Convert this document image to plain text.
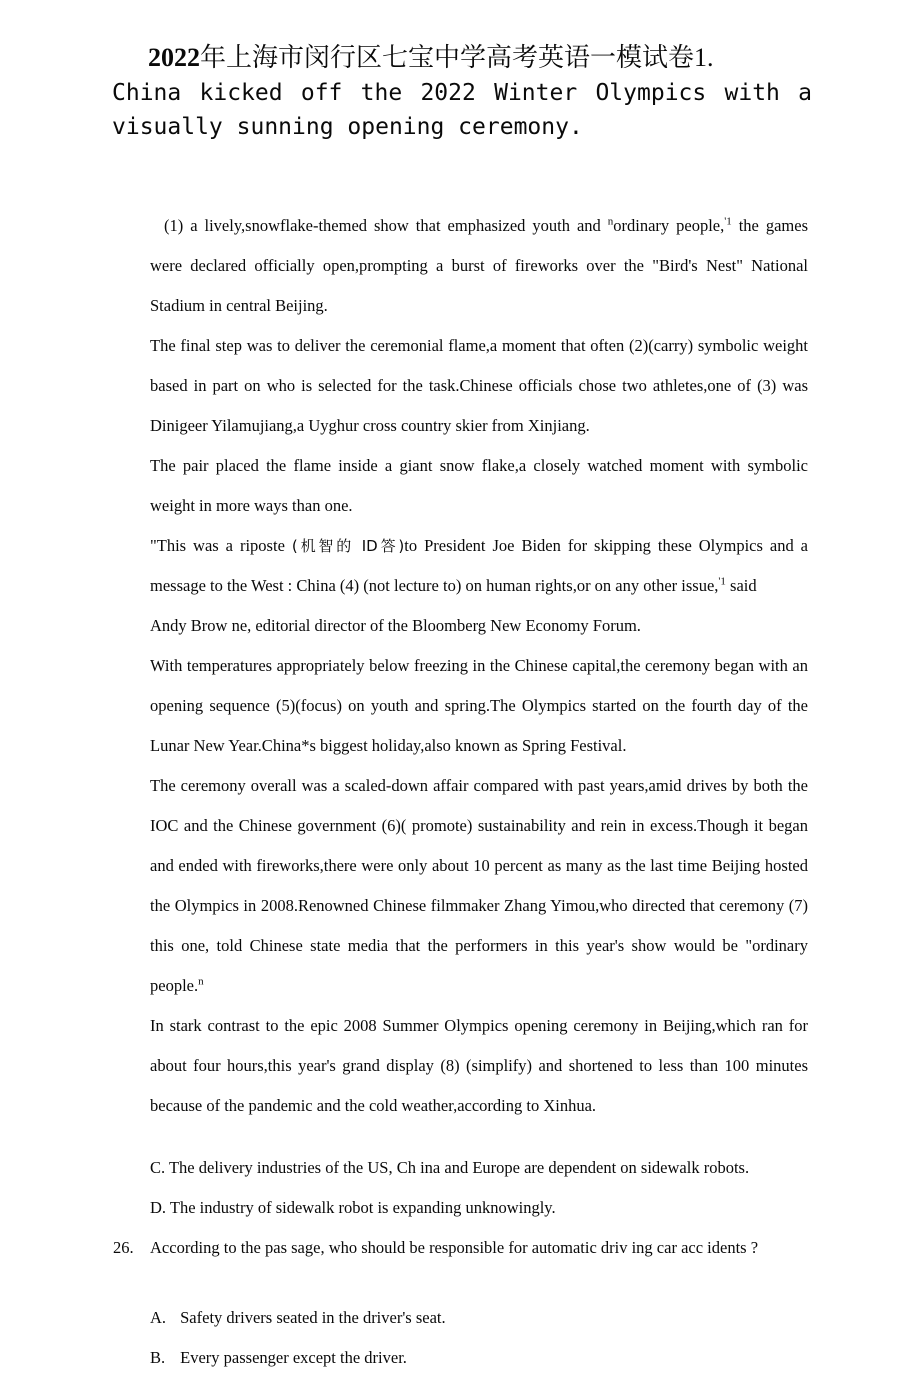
2022年上海市闵行区七宝中学高考英语一模试卷1.
China kicked off the 2022 Winter Olympics with a
visually sunning opening ceremony.

(1) a lively,snowflake-themed show that emphasized youth and $^n$ordinary people,$^{'1}$ the games were declared officially open,prompting a burst of fireworks over the "Bird's Nest" National Stadium in central Beijing.

The final step was to deliver the ceremonial flame,a moment that often (2)(carry) symbolic weight based in part on who is selected for the task.Chinese officials chose two athletes,one of (3) was Dinigeer Yilamujiang,a Uyghur cross country skier from Xinjiang.

The pair placed the flame inside a giant snow flake,a closely watched moment with symbolic weight in more ways than one.

"This was a riposte (机智的 ID答)to President Joe Biden for skipping these Olympics and a message to the West : China (4) (not lecture to) on human rights,or on any other issue,$^{'1}$ said

Andy Brow ne, editorial director of the Bloomberg New Economy Forum.

With temperatures appropriately below freezing in the Chinese capital,the ceremony began with an opening sequence (5)(focus) on youth and spring.The Olympics started on the fourth day of the Lunar New Year.China*s biggest holiday,also known as Spring Festival.

The ceremony overall was a scaled-down affair compared with past years,amid drives by both the IOC and the Chinese government (6)( promote) sustainability and rein in excess.Though it began and ended with fireworks,there were only about 10 percent as many as the last time Beijing hosted the Olympics in 2008.Renowned Chinese filmmaker Zhang Yimou,who directed that ceremony (7) this one, told Chinese state media that the performers in this year's show would be "ordinary people.$^n$

In stark contrast to the epic 2008 Summer Olympics opening ceremony in Beijing,which ran for about four hours,this year's grand display (8) (simplify) and shortened to less than 100 minutes because of the pandemic and the cold weather,according to Xinhua.

C. The delivery industries of the US, Ch ina and Europe are dependent on sidewalk robots.

D. The industry of sidewalk robot is expanding unknowingly.

26. According to the pas sage, who should be responsible for automatic driv ing car acc idents ?

A. Safety drivers seated in the driver's seat.

B. Every passenger except the driver.
